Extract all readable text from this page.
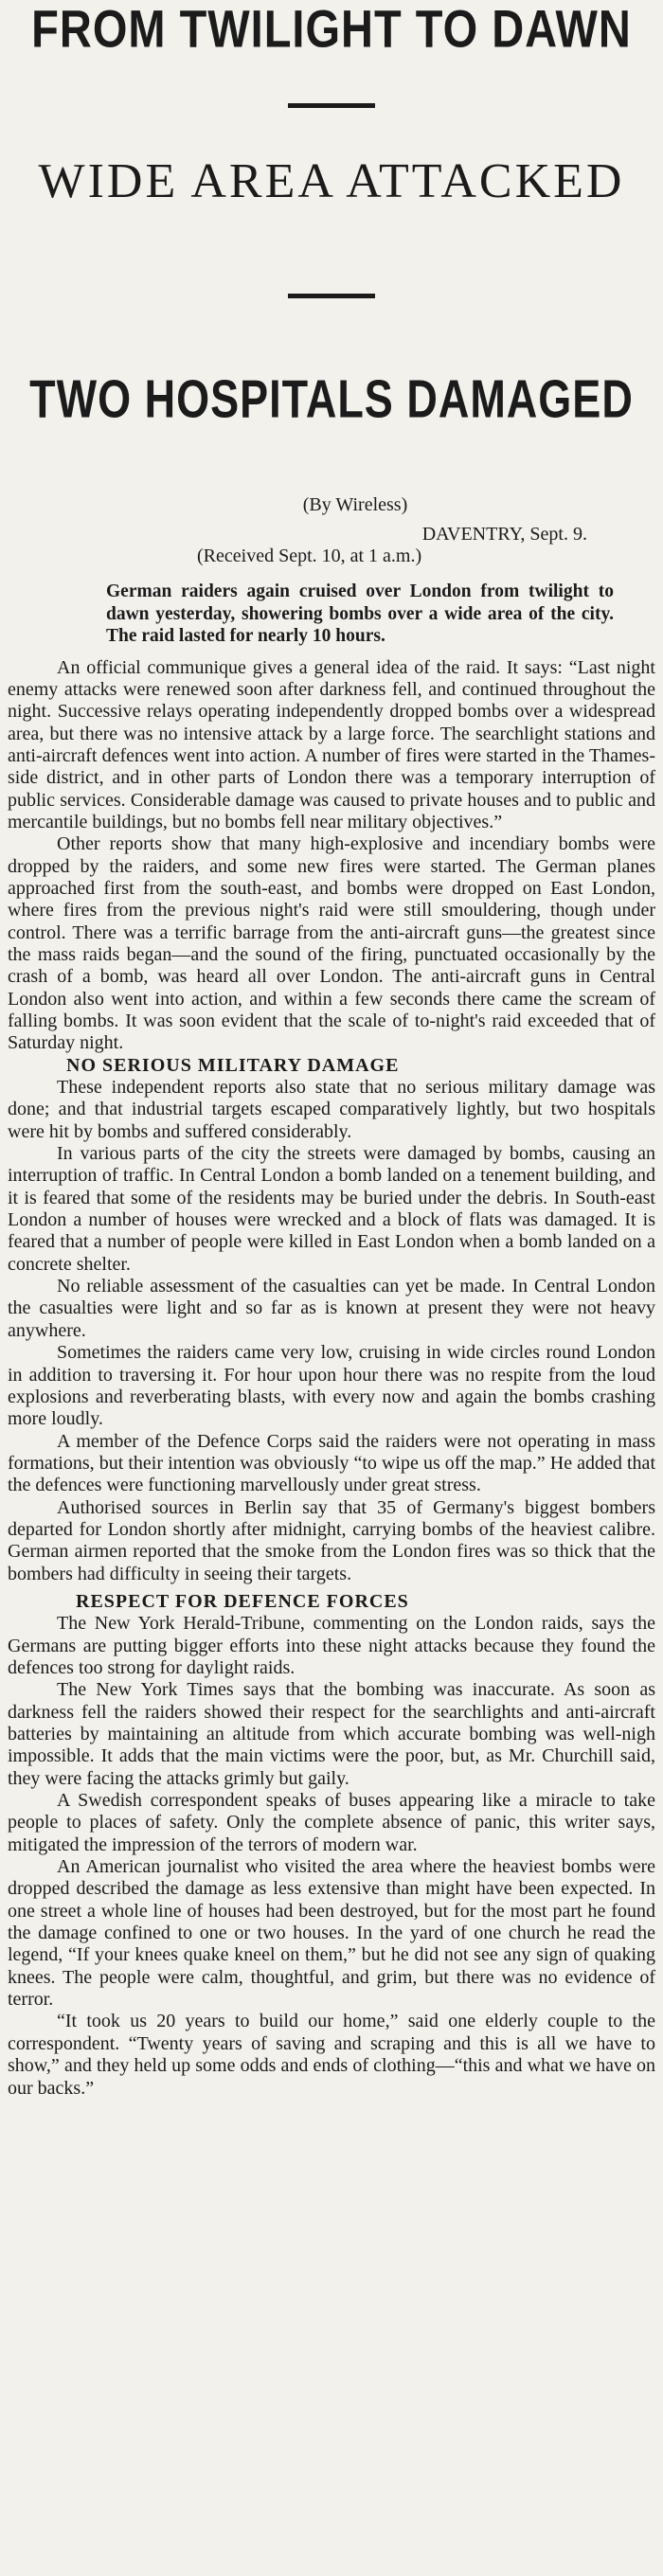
FROM TWILIGHT TO DAWN
WIDE AREA ATTACKED
TWO HOSPITALS DAMAGED
(By Wireless)
DAVENTRY, Sept. 9.
(Received Sept. 10, at 1 a.m.)
German raiders again cruised over London from twilight to dawn yesterday, showering bombs over a wide area of the city. The raid lasted for nearly 10 hours.

An official communique gives a general idea of the raid. It says: “Last night enemy attacks were renewed soon after darkness fell, and continued throughout the night. Successive relays operating independently dropped bombs over a widespread area, but there was no intensive attack by a large force. The searchlight stations and anti-aircraft defences went into action. A number of fires were started in the Thames-side district, and in other parts of London there was a temporary interruption of public services. Considerable damage was caused to private houses and to public and mercantile buildings, but no bombs fell near military objectives.”

Other reports show that many high-explosive and incendiary bombs were dropped by the raiders, and some new fires were started. The German planes approached first from the south-east, and bombs were dropped on East London, where fires from the previous night's raid were still smouldering, though under control. There was a terrific barrage from the anti-aircraft guns—the greatest since the mass raids began—and the sound of the firing, punctuated occasionally by the crash of a bomb, was heard all over London. The anti-aircraft guns in Central London also went into action, and within a few seconds there came the scream of falling bombs. It was soon evident that the scale of to-night's raid exceeded that of Saturday night.

NO SERIOUS MILITARY DAMAGE

These independent reports also state that no serious military damage was done; and that industrial targets escaped comparatively lightly, but two hospitals were hit by bombs and suffered considerably.

In various parts of the city the streets were damaged by bombs, causing an interruption of traffic. In Central London a bomb landed on a tenement building, and it is feared that some of the residents may be buried under the debris. In South-east London a number of houses were wrecked and a block of flats was damaged. It is feared that a number of people were killed in East London when a bomb landed on a concrete shelter.

No reliable assessment of the casualties can yet be made. In Central London the casualties were light and so far as is known at present they were not heavy anywhere.

Sometimes the raiders came very low, cruising in wide circles round London in addition to traversing it. For hour upon hour there was no respite from the loud explosions and reverberating blasts, with every now and again the bombs crashing more loudly.

A member of the Defence Corps said the raiders were not operating in mass formations, but their intention was obviously “to wipe us off the map.” He added that the defences were functioning marvellously under great stress.

Authorised sources in Berlin say that 35 of Germany's biggest bombers departed for London shortly after midnight, carrying bombs of the heaviest calibre. German airmen reported that the smoke from the London fires was so thick that the bombers had difficulty in seeing their targets.

RESPECT FOR DEFENCE FORCES

The New York Herald-Tribune, commenting on the London raids, says the Germans are putting bigger efforts into these night attacks because they found the defences too strong for daylight raids.

The New York Times says that the bombing was inaccurate. As soon as darkness fell the raiders showed their respect for the searchlights and anti-aircraft batteries by maintaining an altitude from which accurate bombing was well-nigh impossible. It adds that the main victims were the poor, but, as Mr. Churchill said, they were facing the attacks grimly but gaily.

A Swedish correspondent speaks of buses appearing like a miracle to take people to places of safety. Only the complete absence of panic, this writer says, mitigated the impression of the terrors of modern war.

An American journalist who visited the area where the heaviest bombs were dropped described the damage as less extensive than might have been expected. In one street a whole line of houses had been destroyed, but for the most part he found the damage confined to one or two houses. In the yard of one church he read the legend, “If your knees quake kneel on them,” but he did not see any sign of quaking knees. The people were calm, thoughtful, and grim, but there was no evidence of terror.

“It took us 20 years to build our home,” said one elderly couple to the correspondent. “Twenty years of saving and scraping and this is all we have to show,” and they held up some odds and ends of clothing—“this and what we have on our backs.”
